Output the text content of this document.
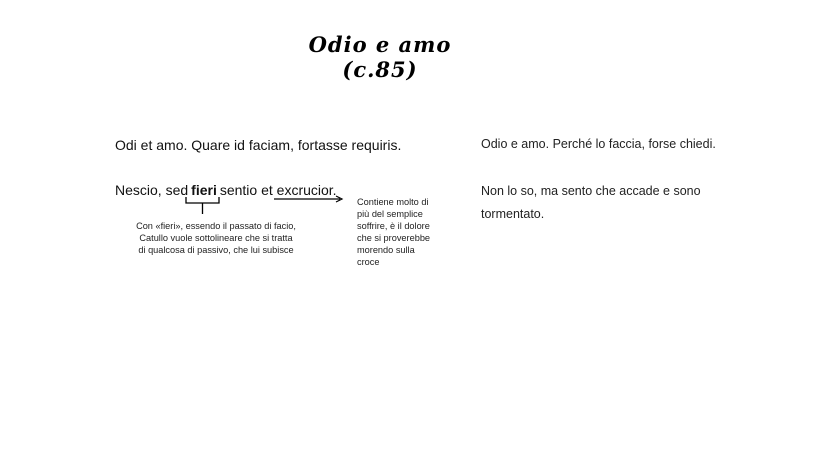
Odio e amo (c.85)
Odi et amo. Quare id faciam, fortasse requiris.
Nescio, sed fieri sentio et excrucior.
Odio e amo. Perché lo faccia, forse chiedi.
Non lo so, ma sento che accade e sono tormentato.
Con «fieri», essendo il passato di facio, Catullo vuole sottolineare che si tratta di qualcosa di passivo, che lui subisce
Contiene molto di più del semplice soffrire, è il dolore che si proverebbe morendo sulla croce
